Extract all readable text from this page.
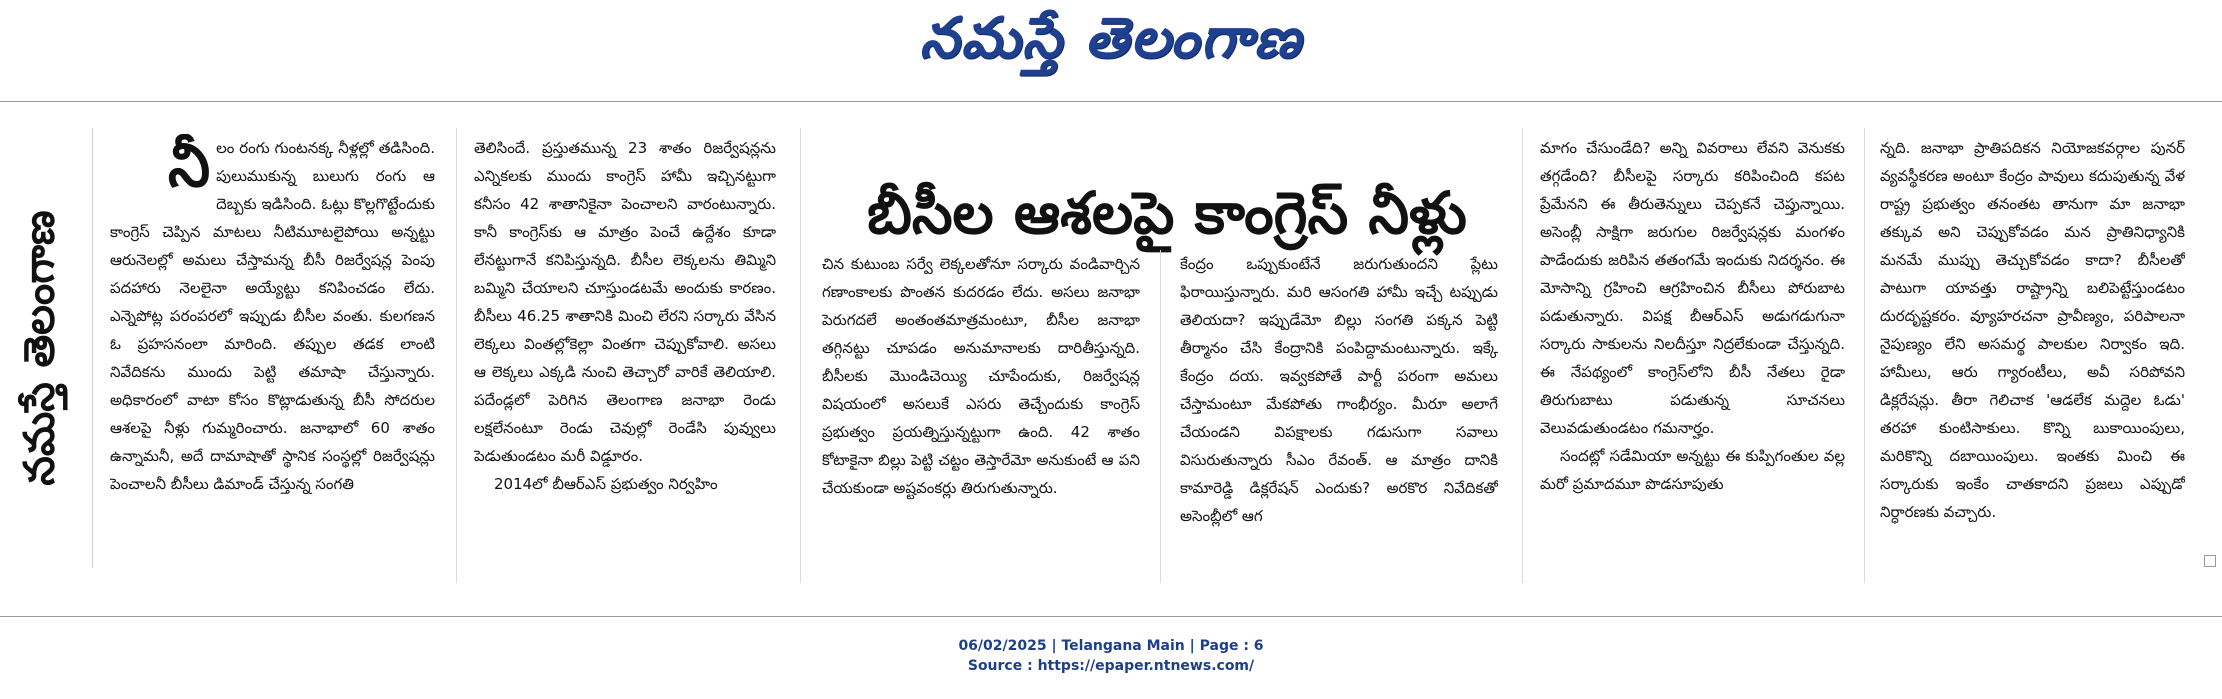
నమస్తే తెలంగాణ
నమస్తే తెలంగాణ
నీ లం రంగు గుంటనక్క నీళ్లల్లో తడిసింది. పులుముకున్న బులుగు రంగు ఆ దెబ్బకు ఇడిసింది. ఓట్లు కొల్లగొట్టేందుకు కాంగ్రెస్ చెప్పిన మాటలు నీటిమూటలైపోయి అన్నట్టు ఆరునెలల్లో అమలు చేస్తామన్న బీసీ రిజర్వేషన్ల పెంపు పదహారు నెలలైనా అయ్యేట్టు కనిపించడం లేదు. ఎన్నెపోట్ల పరంపరలో ఇప్పుడు బీసీల వంతు. కులగణన ఓ ప్రహసనంలా మారింది. తప్పుల తడక లాంటి నివేదికను ముందు పెట్టి తమాషా చేస్తున్నారు. అధికారంలో వాటా కోసం కొట్లాడుతున్న బీసీ సోదరుల ఆశలపై నీళ్లు గుమ్మరించారు. జనాభాలో 60 శాతం ఉన్నామనీ, అదే దామాషాతో స్థానిక సంస్థల్లో రిజర్వేషన్లు పెంచాలనీ బీసీలు డిమాండ్ చేస్తున్న సంగతి

తెలిసిందే. ప్రస్తుతమున్న 23 శాతం రిజర్వేషన్లను ఎన్నికలకు ముందు కాంగ్రెస్ హామీ ఇచ్చినట్టుగా కనీసం 42 శాతానికైనా పెంచాలని వారంటున్నారు. కానీ కాంగ్రెస్‌కు ఆ మాత్రం పెంచే ఉద్దేశం కూడా లేనట్టుగానే కనిపిస్తున్నది. బీసీల లెక్కలను తిమ్మిని బమ్మిని చేయాలని చూస్తుండటమే అందుకు కారణం. బీసీలు 46.25 శాతానికి మించి లేరని సర్కారు వేసిన లెక్కలు వింతల్లోకెల్లా వింతగా చెప్పుకోవాలి. అసలు ఆ లెక్కలు ఎక్కడి నుంచి తెచ్చారో వారికే తెలియాలి. పదేండ్లలో పెరిగిన తెలంగాణ జనాభా రెండు లక్షలేనంటూ రెండు చెవుల్లో రెండేసి పువ్వులు పెడుతుండటం మరీ విడ్డూరం.

2014లో బీఆర్ఎస్ ప్రభుత్వం నిర్వహిం

బీసీల ఆశలపై కాంగ్రెస్ నీళ్లు

చిన కుటుంబ సర్వే లెక్కలతోనూ సర్కారు వండివార్చిన గణాంకాలకు పొంతన కుదరడం లేదు. అసలు జనాభా పెరుగదలే అంతంతమాత్రమంటూ, బీసీల జనాభా తగ్గినట్టు చూపడం అనుమానాలకు దారితీస్తున్నది. బీసీలకు మొండిచెయ్యి చూపేందుకు, రిజర్వేషన్ల విషయంలో అసలుకే ఎసరు తెచ్చేందుకు కాంగ్రెస్ ప్రభుత్వం ప్రయత్నిస్తున్నట్టుగా ఉంది. 42 శాతం కోటాకైనా బిల్లు పెట్టి చట్టం తెస్తారేమో అనుకుంటే ఆ పని చేయకుండా అష్టవంకర్లు తిరుగుతున్నారు.

కేంద్రం ఒప్పుకుంటేనే జరుగుతుందని ప్లేటు ఫిరాయిస్తున్నారు. మరి ఆసంగతి హామీ ఇచ్చే టప్పుడు తెలియదా? ఇప్పుడేమో బిల్లు సంగతి పక్కన పెట్టి తీర్మానం చేసి కేంద్రానికి పంపిద్దామంటున్నారు. ఇక్కే కేంద్రం దయ. ఇవ్వకపోతే పార్టీ పరంగా అమలు చేస్తామంటూ మేకపోతు గాంభీర్యం. మీరూ అలాగే చేయండని విపక్షాలకు గడుసుగా సవాలు విసురుతున్నారు సీఎం రేవంత్. ఆ మాత్రం దానికి కామారెడ్డి డిక్లరేషన్ ఎందుకు? అరకొర నివేదికతో అసెంబ్లీలో ఆగ

మాగం చేసుండేది? అన్ని వివరాలు లేవని వెనుకకు తగ్గడేంది? బీసీలపై సర్కారు కరిపించింది కపట ప్రేమేనని ఈ తీరుతెన్నులు చెప్పకనే చెప్తున్నాయి. అసెంబ్లీ సాక్షిగా జరుగుల రిజర్వేషన్లకు మంగళం పాడేందుకు జరిపిన తతంగమే ఇందుకు నిదర్శనం. ఈ మోసాన్ని గ్రహించి ఆగ్రహించిన బీసీలు పోరుబాట పడుతున్నారు. విపక్ష బీఆర్ఎస్ అడుగడుగునా సర్కారు సాకులను నిలదీస్తూ నిద్రలేకుండా చేస్తున్నది. ఈ నేపథ్యంలో కాంగ్రెస్‌లోని బీసీ నేతలు రైడా తిరుగుబాటు పడుతున్న సూచనలు వెలువడుతుండటం గమనార్హం.

సందట్లో సడేమియా అన్నట్టు ఈ కుప్పిగంతుల వల్ల మరో ప్రమాదమూ పొడసూపుతు

న్నది. జనాభా ప్రాతిపదికన నియోజకవర్గాల పునర్ వ్యవస్థీకరణ అంటూ కేంద్రం పావులు కదుపుతున్న వేళ రాష్ట్ర ప్రభుత్వం తనంతట తానుగా మా జనాభా తక్కువ అని చెప్పుకోవడం మన ప్రాతినిధ్యానికి మనమే ముప్పు తెచ్చుకోవడం కాదా? బీసీలతో పాటుగా యావత్తు రాష్ట్రాన్ని బలిపెట్టేస్తుండటం దురదృష్టకరం. వ్యూహరచనా ప్రావీణ్యం, పరిపాలనా నైపుణ్యం లేని అసమర్థ పాలకుల నిర్వాకం ఇది. హామీలు, ఆరు గ్యారంటీలు, అవీ సరిపోవని డిక్లరేషన్లు. తీరా గెలిచాక 'ఆడలేక మద్దెల ఓడు' తరహా కుంటిసాకులు. కొన్ని బుకాయింపులు, మరికొన్ని దబాయింపులు. ఇంతకు మించి ఈ సర్కారుకు ఇంకేం చాతకాదని ప్రజలు ఎప్పుడో నిర్ధారణకు వచ్చారు.

06/02/2025 | Telangana Main | Page : 6
Source : https://epaper.ntnews.com/
